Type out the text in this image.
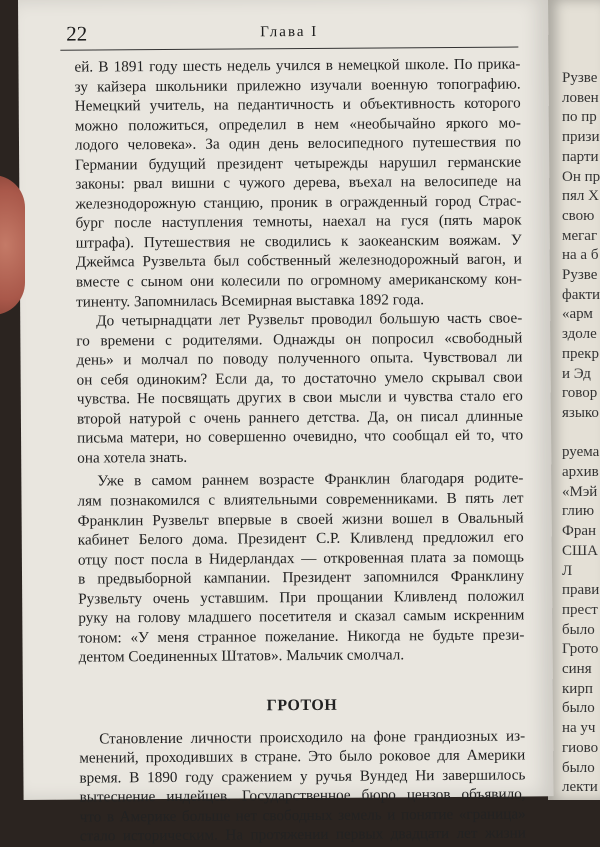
Рузве
ловен
по пр
призи
парти
Он пр
пял Х
свою
мегаг
на а б
Рузве
факти
«арм
здоле
прекр
и Эд
говор
языко
руема
архив
«Мэй
глию
Фран
США
Л
прави
прест
было
Грото
синя
кирп
было
на уч
гиово
было
лекти
22	Глава I
ей. В 1891 году шесть недель учился в немецкой школе. По прика-
зу кайзера школьники прилежно изучали военную топографию.
Немецкий учитель, на педантичность и объективность которого
можно положиться, определил в нем «необычайно яркого мо-
лодого человека». За один день велосипедного путешествия по
Германии будущий президент четырежды нарушил германские
законы: рвал вишни с чужого дерева, въехал на велосипеде на
железнодорожную станцию, проник в огражденный город Страс-
бург после наступления темноты, наехал на гуся (пять марок
штрафа). Путешествия не сводились к заокеанским вояжам. У
Джеймса Рузвельта был собственный железнодорожный вагон, и
вместе с сыном они колесили по огромному американскому кон-
тиненту. Запомнилась Всемирная выставка 1892 года.
До четырнадцати лет Рузвельт проводил большую часть свое-
го времени с родителями. Однажды он попросил «свободный
день» и молчал по поводу полученного опыта. Чувствовал ли
он себя одиноким? Если да, то достаточно умело скрывал свои
чувства. Не посвящать других в свои мысли и чувства стало его
второй натурой с очень раннего детства. Да, он писал длинные
письма матери, но совершенно очевидно, что сообщал ей то, что
она хотела знать.
Уже в самом раннем возрасте Франклин благодаря родите-
лям познакомился с влиятельными современниками. В пять лет
Франклин Рузвельт впервые в своей жизни вошел в Овальный
кабинет Белого дома. Президент С.Р. Кливленд предложил его
отцу пост посла в Нидерландах — откровенная плата за помощь
в предвыборной кампании. Президент запомнился Франклину
Рузвельту очень уставшим. При прощании Кливленд положил
руку на голову младшего посетителя и сказал самым искренним
тоном: «У меня странное пожелание. Никогда не будьте прези-
дентом Соединенных Штатов». Мальчик смолчал.
ГРОТОН
Становление личности происходило на фоне грандиозных из-
менений, проходивших в стране. Это было роковое для Америки
время. В 1890 году сражением у ручья Вундед Ни завершилось
вытеснение индейцев. Государственное бюро цензов объявило,
что в Америке больше нет свободных земель и понятие «граница»
стало историческим. На протяжении первых двадцати лет жизни
